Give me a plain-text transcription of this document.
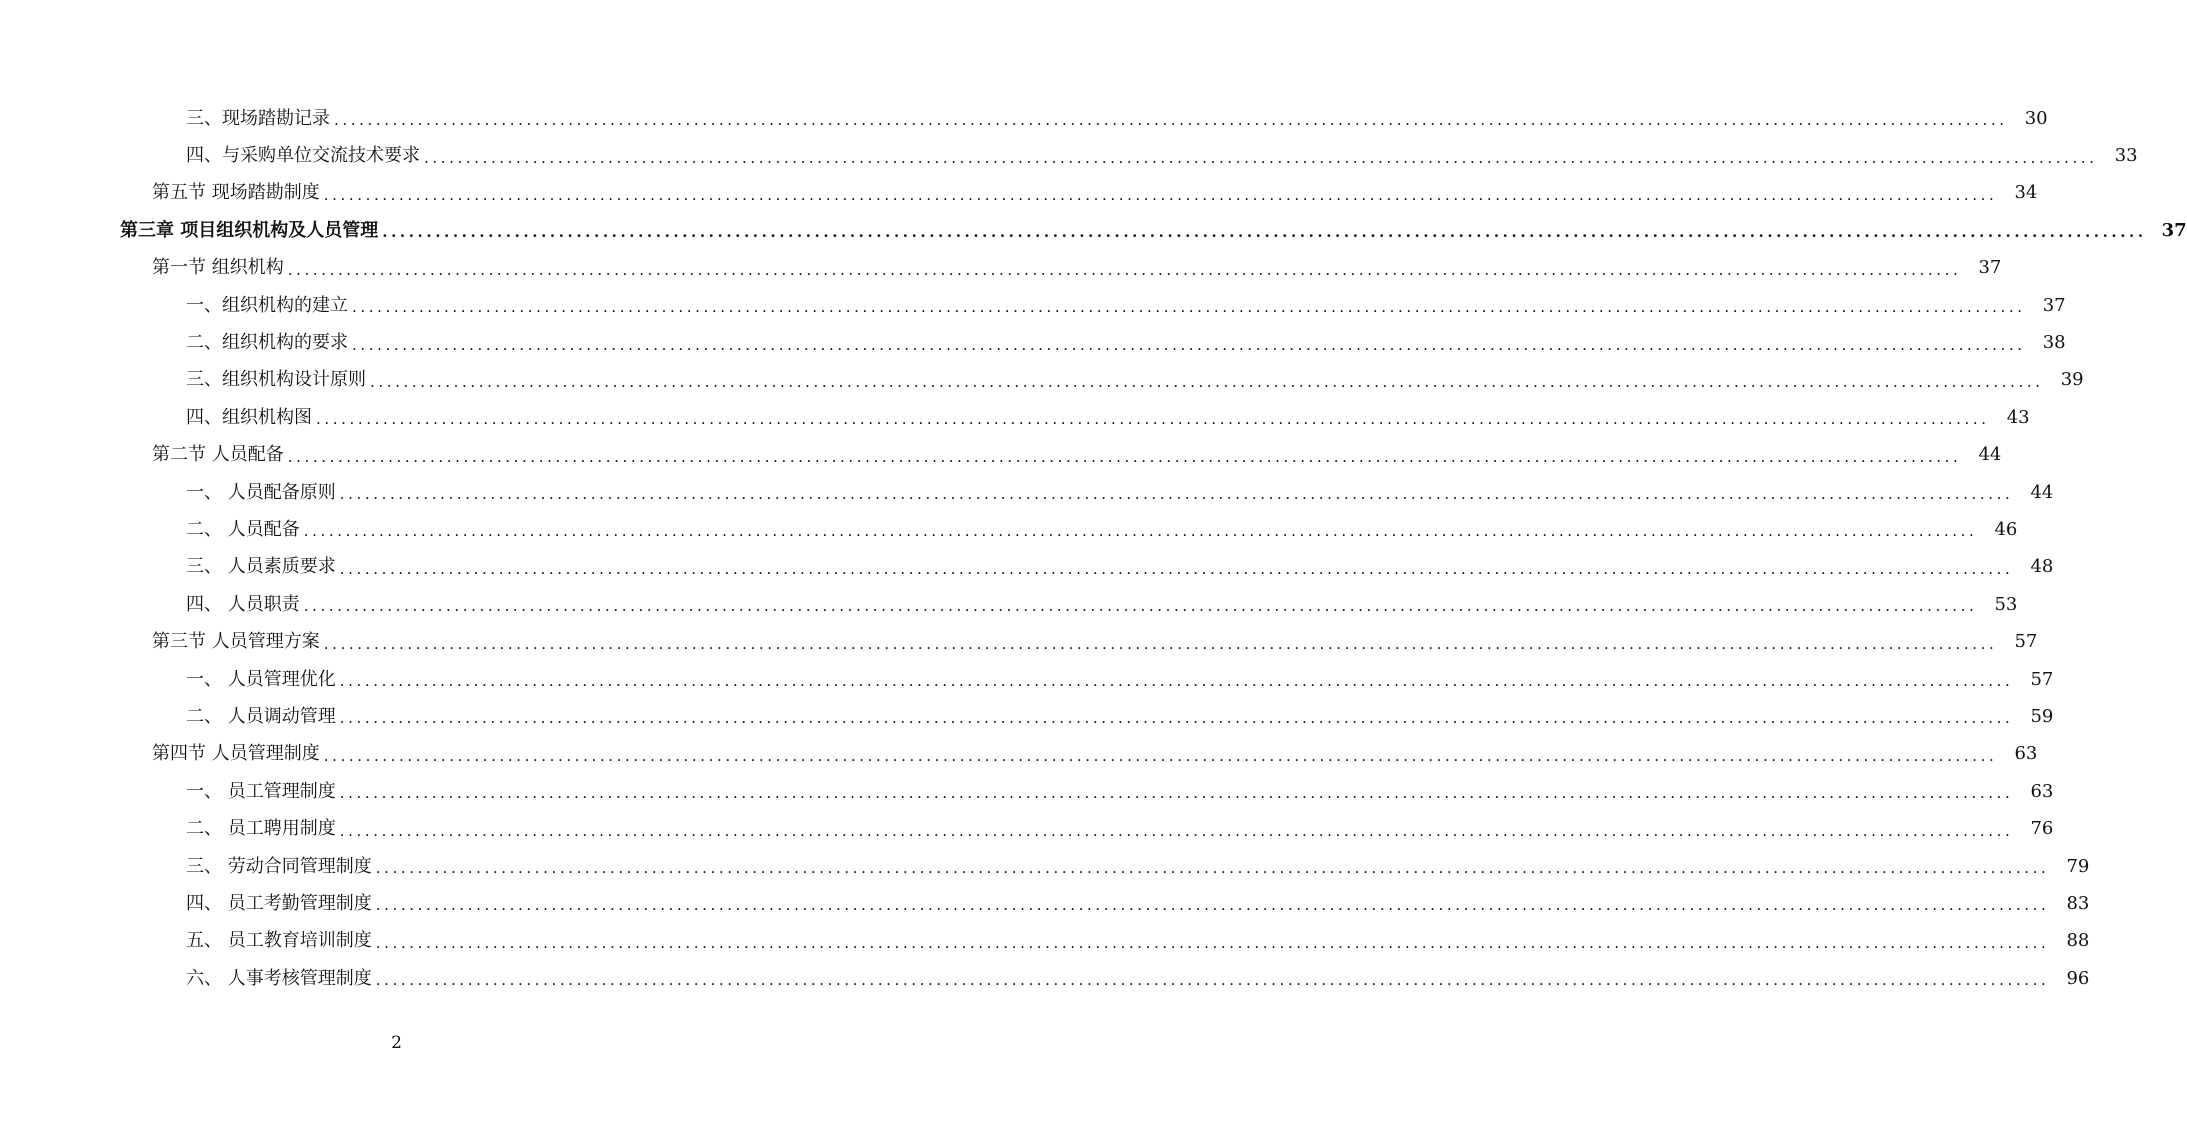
三、现场踏勘记录 ........................................................................................................................................................................................................ 30
四、与采购单位交流技术要求 ........................................................................................................................................................................................................ 33
第五节 现场踏勘制度 ........................................................................................................................................................................................................ 34
第三章 项目组织机构及人员管理 ........................................................................................................................................................................................................ 37
第一节 组织机构 ........................................................................................................................................................................................................ 37
一、组织机构的建立 ........................................................................................................................................................................................................ 37
二、组织机构的要求 ........................................................................................................................................................................................................ 38
三、组织机构设计原则 ........................................................................................................................................................................................................ 39
四、组织机构图 ........................................................................................................................................................................................................ 43
第二节 人员配备 ........................................................................................................................................................................................................ 44
一、 人员配备原则 ........................................................................................................................................................................................................ 44
二、 人员配备 ........................................................................................................................................................................................................ 46
三、 人员素质要求 ........................................................................................................................................................................................................ 48
四、 人员职责 ........................................................................................................................................................................................................ 53
第三节 人员管理方案 ........................................................................................................................................................................................................ 57
一、 人员管理优化 ........................................................................................................................................................................................................ 57
二、 人员调动管理 ........................................................................................................................................................................................................ 59
第四节 人员管理制度 ........................................................................................................................................................................................................ 63
一、 员工管理制度 ........................................................................................................................................................................................................ 63
二、 员工聘用制度 ........................................................................................................................................................................................................ 76
三、 劳动合同管理制度 ........................................................................................................................................................................................................ 79
四、 员工考勤管理制度 ........................................................................................................................................................................................................ 83
五、 员工教育培训制度 ........................................................................................................................................................................................................ 88
六、 人事考核管理制度 ........................................................................................................................................................................................................ 96
2
